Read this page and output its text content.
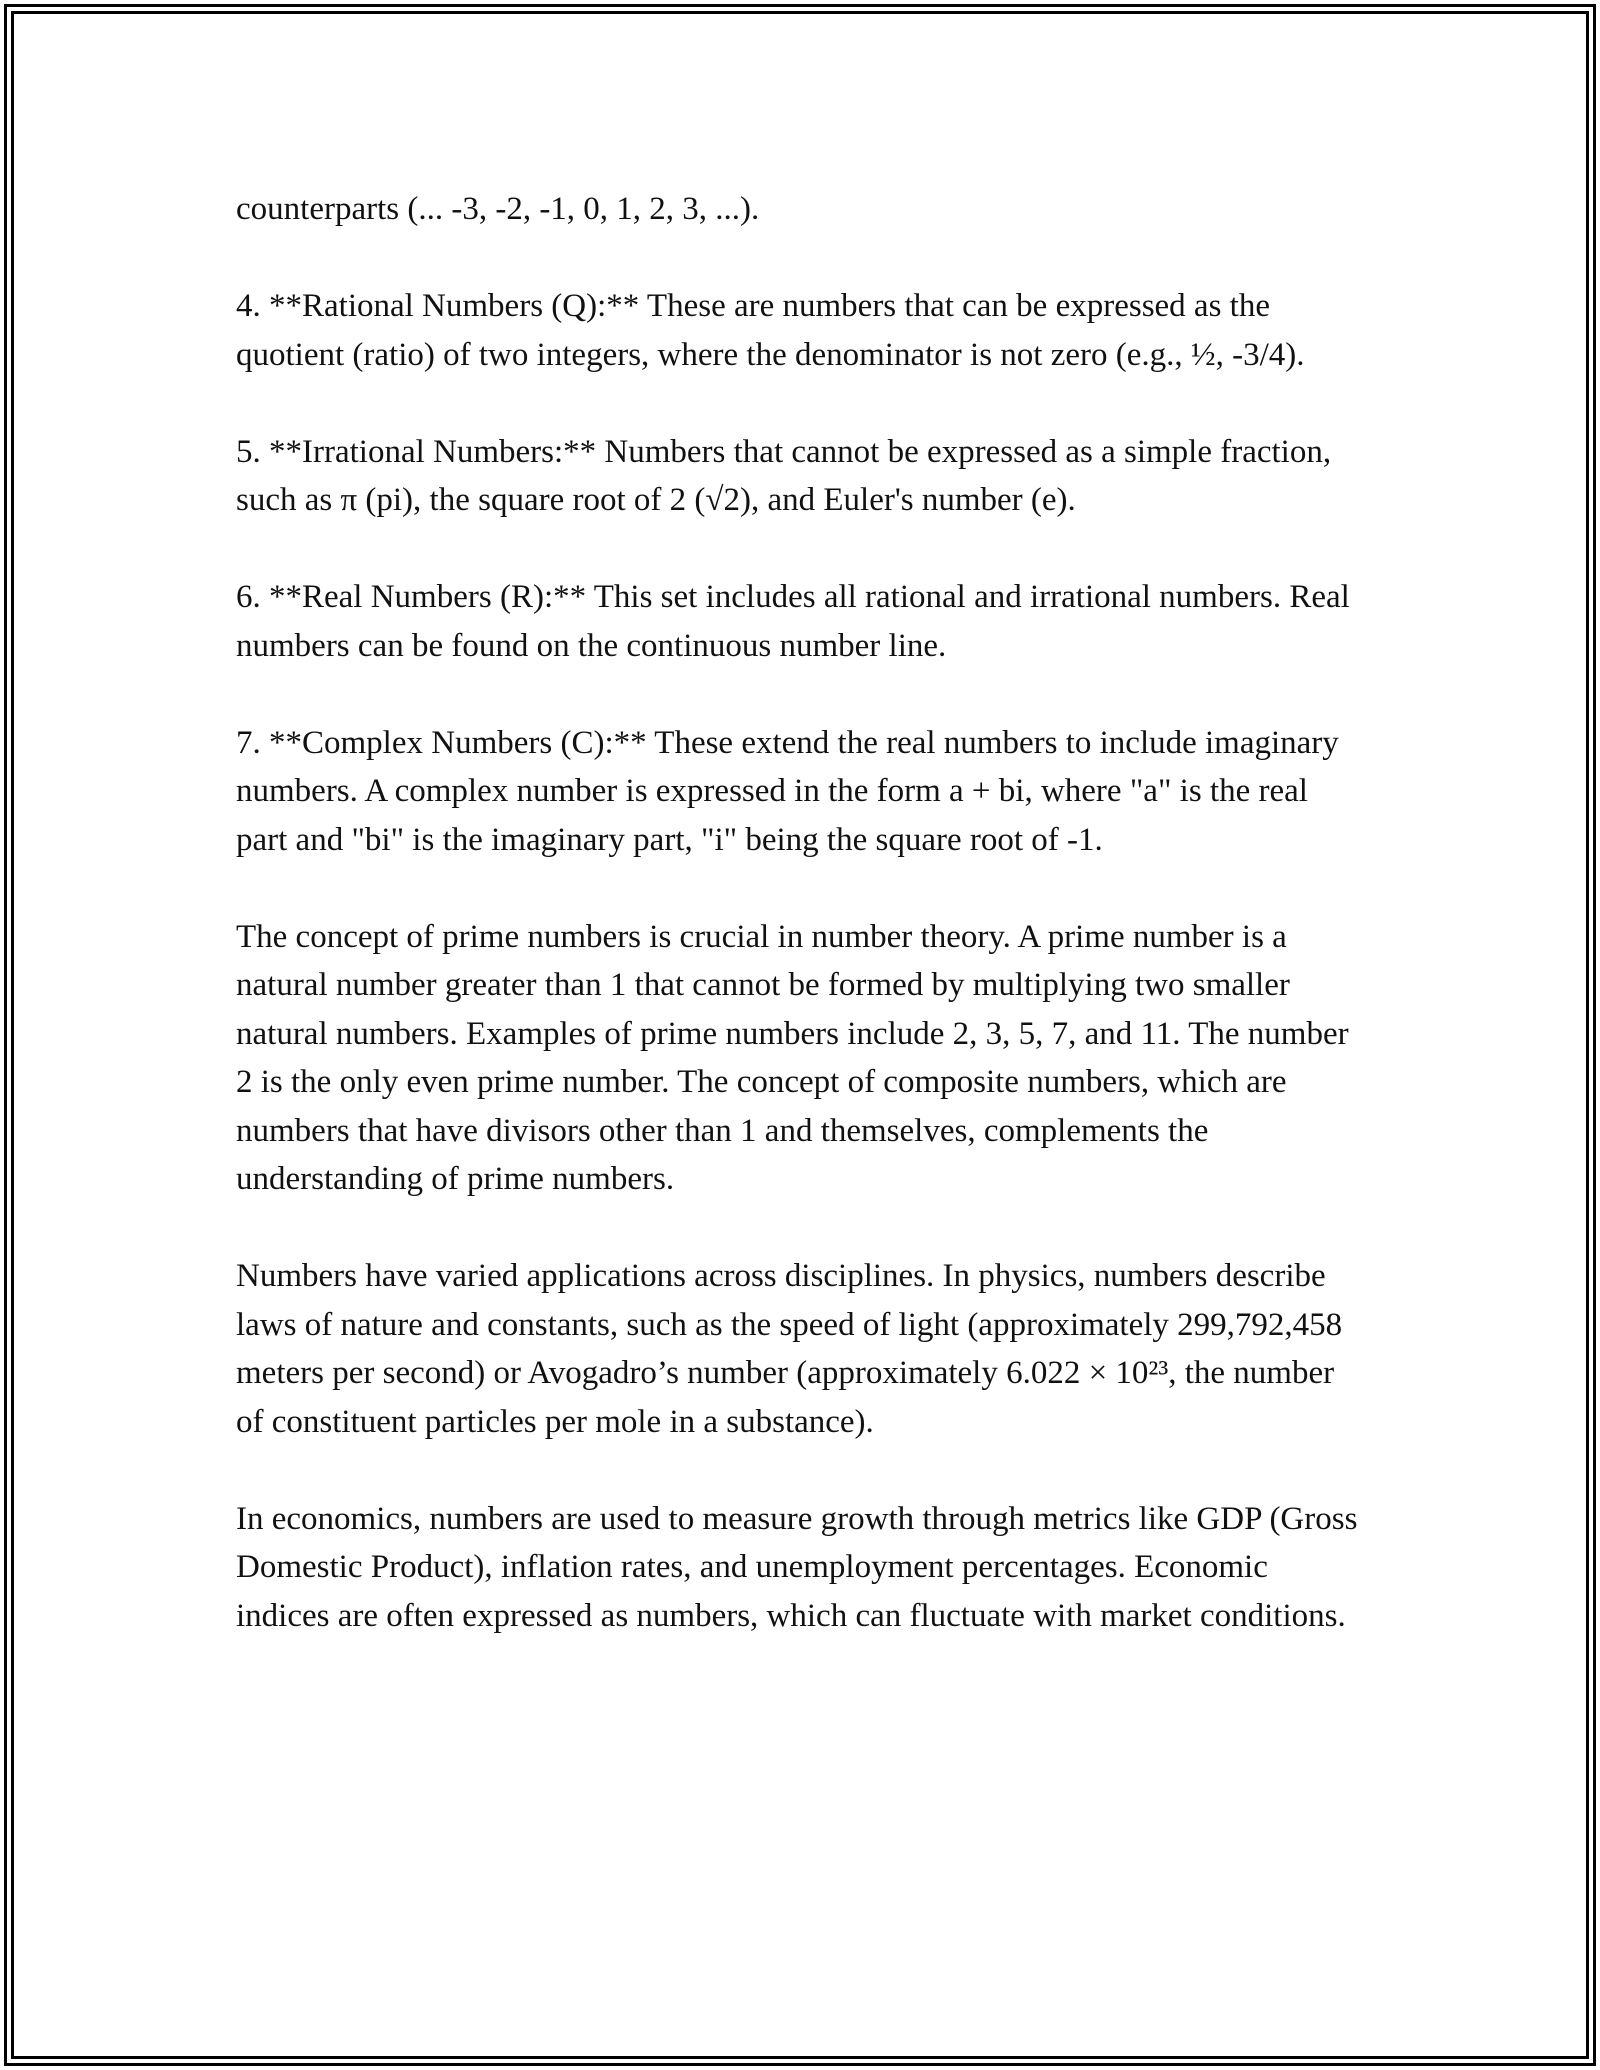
counterparts (... -3, -2, -1, 0, 1, 2, 3, ...).

4. **Rational Numbers (Q):** These are numbers that can be expressed as the quotient (ratio) of two integers, where the denominator is not zero (e.g., ½, -3/4).

5. **Irrational Numbers:** Numbers that cannot be expressed as a simple fraction, such as π (pi), the square root of 2 (√2), and Euler's number (e).

6. **Real Numbers (R):** This set includes all rational and irrational numbers. Real numbers can be found on the continuous number line.

7. **Complex Numbers (C):** These extend the real numbers to include imaginary numbers. A complex number is expressed in the form a + bi, where "a" is the real part and "bi" is the imaginary part, "i" being the square root of -1.

The concept of prime numbers is crucial in number theory. A prime number is a natural number greater than 1 that cannot be formed by multiplying two smaller natural numbers. Examples of prime numbers include 2, 3, 5, 7, and 11. The number 2 is the only even prime number. The concept of composite numbers, which are numbers that have divisors other than 1 and themselves, complements the understanding of prime numbers.

Numbers have varied applications across disciplines. In physics, numbers describe laws of nature and constants, such as the speed of light (approximately 299,792,458 meters per second) or Avogadro’s number (approximately 6.022 × 10²³, the number of constituent particles per mole in a substance).

In economics, numbers are used to measure growth through metrics like GDP (Gross Domestic Product), inflation rates, and unemployment percentages. Economic indices are often expressed as numbers, which can fluctuate with market conditions.
